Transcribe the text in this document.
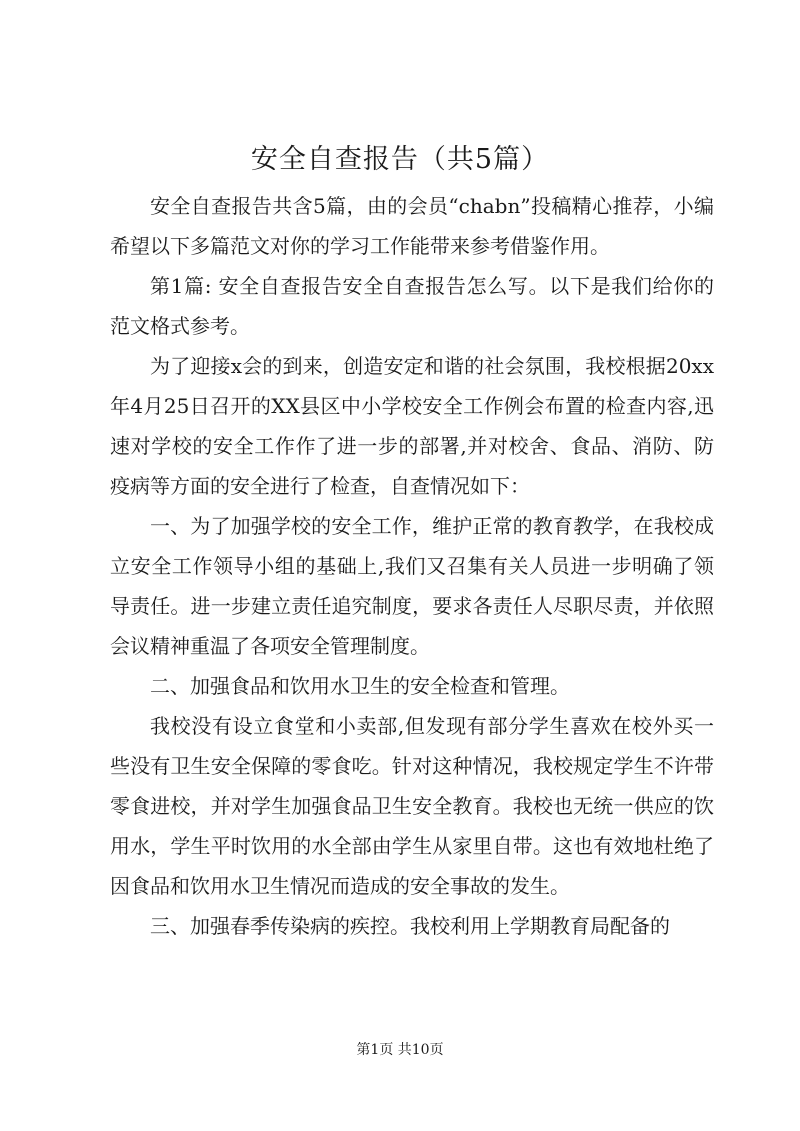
安全自查报告（共5篇）

安全自查报告共含5篇，由的会员“chabn”投稿精心推荐，小编希望以下多篇范文对你的学习工作能带来参考借鉴作用。

第1篇: 安全自查报告安全自查报告怎么写。以下是我们给你的范文格式参考。

为了迎接x会的到来，创造安定和谐的社会氛围，我校根据20xx年4月25日召开的XX县区中小学校安全工作例会布置的检查内容,迅速对学校的安全工作作了进一步的部署,并对校舍、食品、消防、防疫病等方面的安全进行了检查，自查情况如下：

一、为了加强学校的安全工作，维护正常的教育教学，在我校成立安全工作领导小组的基础上,我们又召集有关人员进一步明确了领导责任。进一步建立责任追究制度，要求各责任人尽职尽责，并依照会议精神重温了各项安全管理制度。

二、加强食品和饮用水卫生的安全检查和管理。

我校没有设立食堂和小卖部,但发现有部分学生喜欢在校外买一些没有卫生安全保障的零食吃。针对这种情况，我校规定学生不许带零食进校，并对学生加强食品卫生安全教育。我校也无统一供应的饮用水，学生平时饮用的水全部由学生从家里自带。这也有效地杜绝了因食品和饮用水卫生情况而造成的安全事故的发生。

三、加强春季传染病的疾控。我校利用上学期教育局配备的

第1页 共10页
